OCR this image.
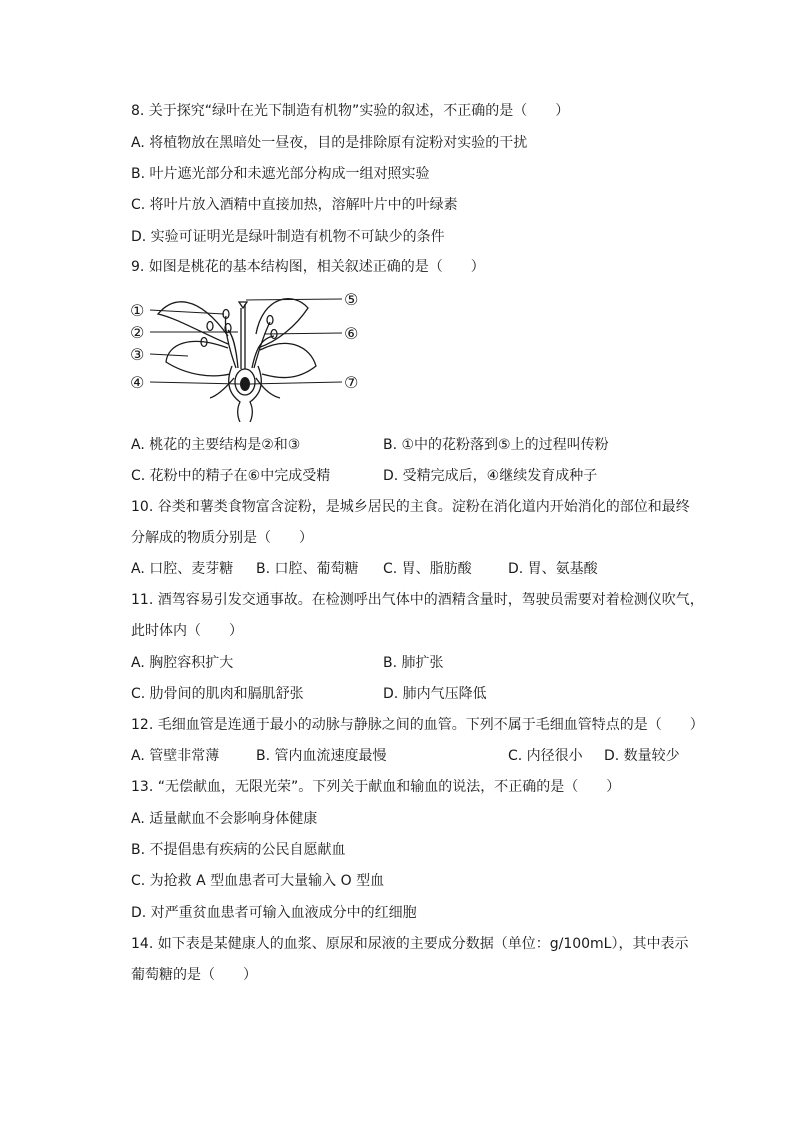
8. 关于探究“绿叶在光下制造有机物”实验的叙述，不正确的是（　　）
A. 将植物放在黑暗处一昼夜，目的是排除原有淀粉对实验的干扰
B. 叶片遮光部分和未遮光部分构成一组对照实验
C. 将叶片放入酒精中直接加热，溶解叶片中的叶绿素
D. 实验可证明光是绿叶制造有机物不可缺少的条件
9. 如图是桃花的基本结构图，相关叙述正确的是（　　）
①
②
③
④
⑤
⑥
⑦
A. 桃花的主要结构是②和③	B. ①中的花粉落到⑤上的过程叫传粉
C. 花粉中的精子在⑥中完成受精	D. 受精完成后，④继续发育成种子
10. 谷类和薯类食物富含淀粉，是城乡居民的主食。淀粉在消化道内开始消化的部位和最终
分解成的物质分别是（　　）
A. 口腔、麦芽糖 B. 口腔、葡萄糖 C. 胃、脂肪酸	D. 胃、氨基酸
11. 酒驾容易引发交通事故。在检测呼出气体中的酒精含量时，驾驶员需要对着检测仪吹气，
此时体内（　　）
A. 胸腔容积扩大	B. 肺扩张
C. 肋骨间的肌肉和膈肌舒张	D. 肺内气压降低
12. 毛细血管是连通于最小的动脉与静脉之间的血管。下列不属于毛细血管特点的是（　　）
A. 管壁非常薄	B. 管内血流速度最慢	C. 内径很小 D. 数量较少
13. “无偿献血，无限光荣”。下列关于献血和输血的说法，不正确的是（　　）
A. 适量献血不会影响身体健康
B. 不提倡患有疾病的公民自愿献血
C. 为抢救 A 型血患者可大量输入 O 型血
D. 对严重贫血患者可输入血液成分中的红细胞
14. 如下表是某健康人的血浆、原尿和尿液的主要成分数据（单位：g/100mL），其中表示
葡萄糖的是（　　）
